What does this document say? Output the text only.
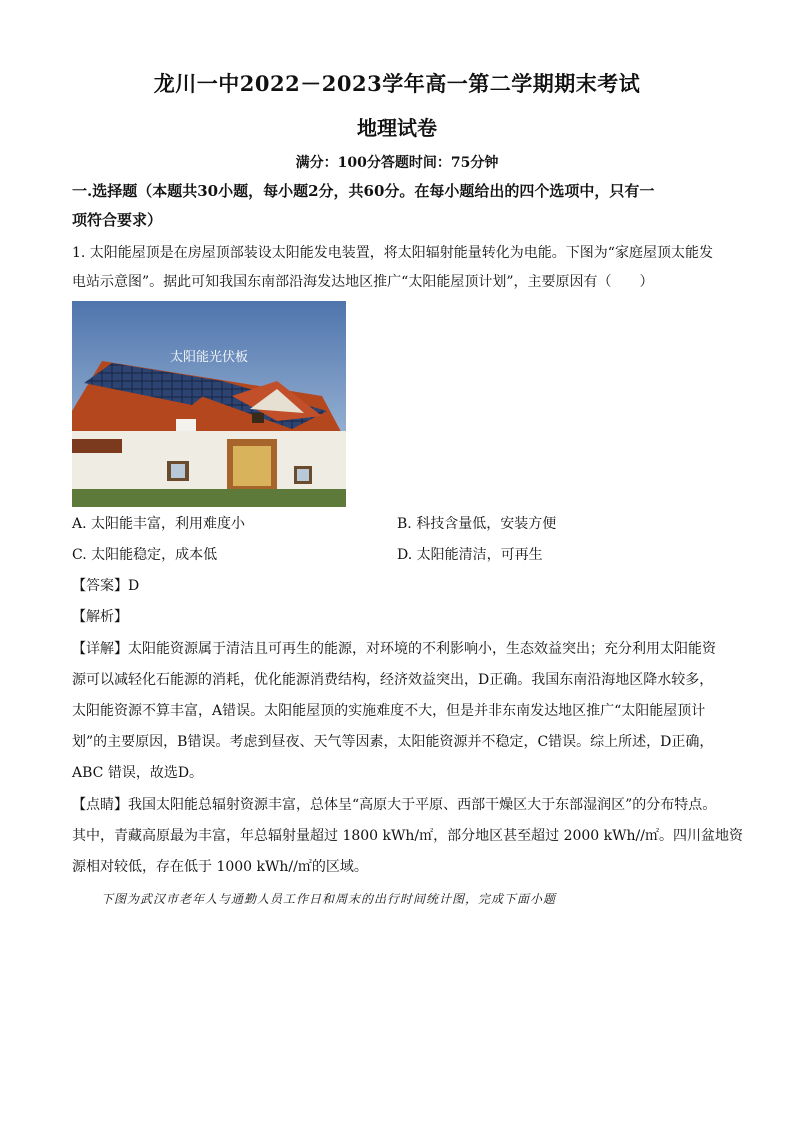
龙川一中2022－2023学年高一第二学期期末考试
地理试卷
满分：100分答题时间：75分钟
一.选择题（本题共30小题，每小题2分，共60分。在每小题给出的四个选项中，只有一
项符合要求）
1. 太阳能屋顶是在房屋顶部装设太阳能发电装置，将太阳辐射能量转化为电能。下图为“家庭屋顶太能发
电站示意图”。据此可知我国东南部沿海发达地区推广“太阳能屋顶计划”，主要原因有（　　）
太阳能光伏板
A. 太阳能丰富，利用难度小	B. 科技含量低，安装方便
C. 太阳能稳定，成本低	D. 太阳能清洁，可再生
【答案】D
【解析】
【详解】太阳能资源属于清洁且可再生的能源，对环境的不利影响小，生态效益突出；充分利用太阳能资
源可以减轻化石能源的消耗，优化能源消费结构，经济效益突出，D正确。我国东南沿海地区降水较多，
太阳能资源不算丰富，A错误。太阳能屋顶的实施难度不大，但是并非东南发达地区推广“太阳能屋顶计
划”的主要原因，B错误。考虑到昼夜、天气等因素，太阳能资源并不稳定，C错误。综上所述，D正确，
ABC 错误，故选D。
【点睛】我国太阳能总辐射资源丰富，总体呈“高原大于平原、西部干燥区大于东部湿润区”的分布特点。
其中，青藏高原最为丰富，年总辐射量超过 1800 kWh/㎡，部分地区甚至超过 2000 kWh//㎡。四川盆地资
源相对较低，存在低于 1000 kWh//㎡的区域。
下图为武汉市老年人与通勤人员工作日和周末的出行时间统计图，完成下面小题
